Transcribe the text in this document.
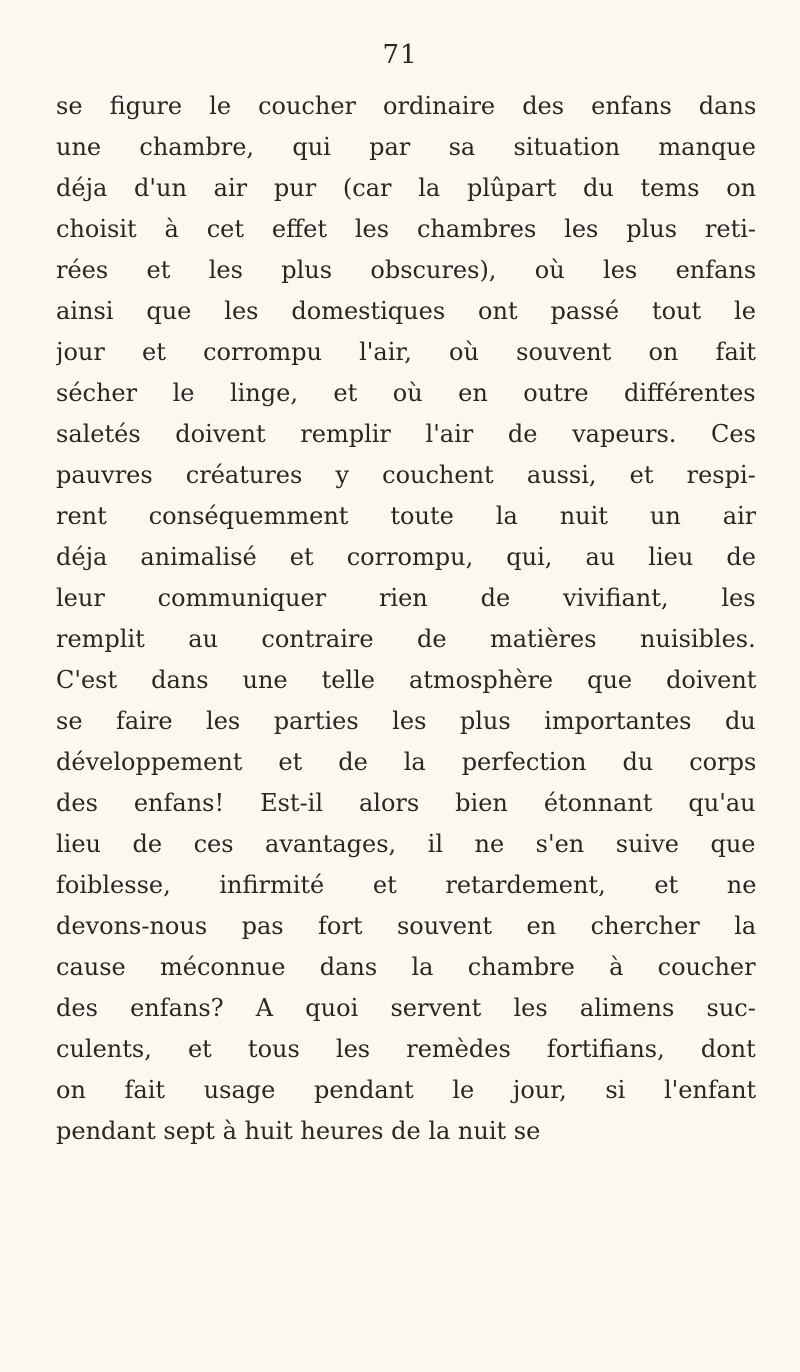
71
se figure le coucher ordinaire des enfans dans
une chambre, qui par sa situation manque
déja d'un air pur (car la plûpart du tems on
choisit à cet effet les chambres les plus reti-
rées et les plus obscures), où les enfans
ainsi que les domestiques ont passé tout le
jour et corrompu l'air, où souvent on fait
sécher le linge, et où en outre différentes
saletés doivent remplir l'air de vapeurs. Ces
pauvres créatures y couchent aussi, et respi-
rent conséquemment toute la nuit un air
déja animalisé et corrompu, qui, au lieu de
leur communiquer rien de vivifiant, les
remplit au contraire de matières nuisibles.
C'est dans une telle atmosphère que doivent
se faire les parties les plus importantes du
développement et de la perfection du corps
des enfans! Est-il alors bien étonnant qu'au
lieu de ces avantages, il ne s'en suive que
foiblesse, infirmité et retardement, et ne
devons-nous pas fort souvent en chercher la
cause méconnue dans la chambre à coucher
des enfans? A quoi servent les alimens suc-
culents, et tous les remèdes fortifians, dont
on fait usage pendant le jour, si l'enfant
pendant sept à huit heures de la nuit se
